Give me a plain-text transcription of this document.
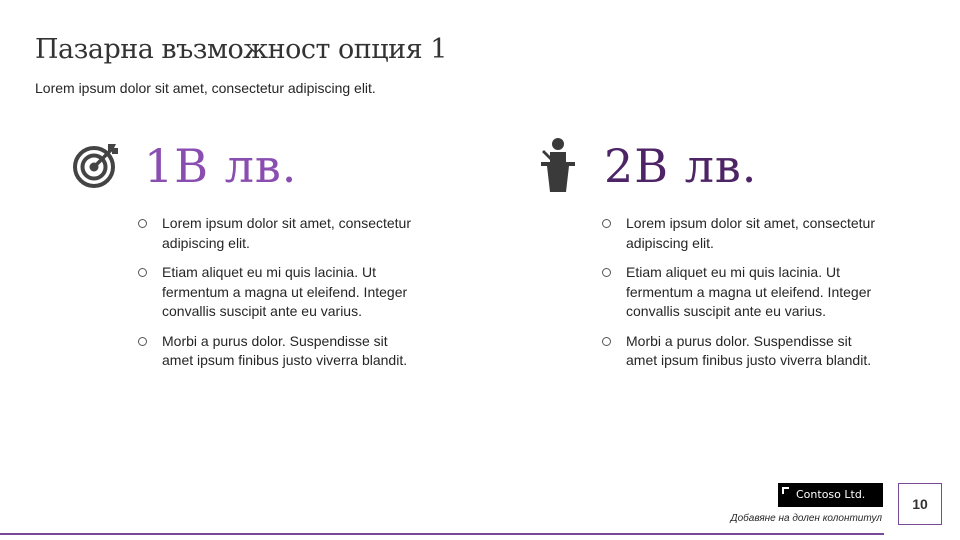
Пазарна възможност опция 1
Lorem ipsum dolor sit amet, consectetur adipiscing elit.
1B лв.
Lorem ipsum dolor sit amet, consectetur adipiscing elit.
Etiam aliquet eu mi quis lacinia. Ut fermentum a magna ut eleifend. Integer convallis suscipit ante eu varius.
Morbi a purus dolor. Suspendisse sit amet ipsum finibus justo viverra blandit.
2B лв.
Lorem ipsum dolor sit amet, consectetur adipiscing elit.
Etiam aliquet eu mi quis lacinia. Ut fermentum a magna ut eleifend. Integer convallis suscipit ante eu varius.
Morbi a purus dolor. Suspendisse sit amet ipsum finibus justo viverra blandit.
Contoso Ltd.
Добавяне на долен колонтитул
10
